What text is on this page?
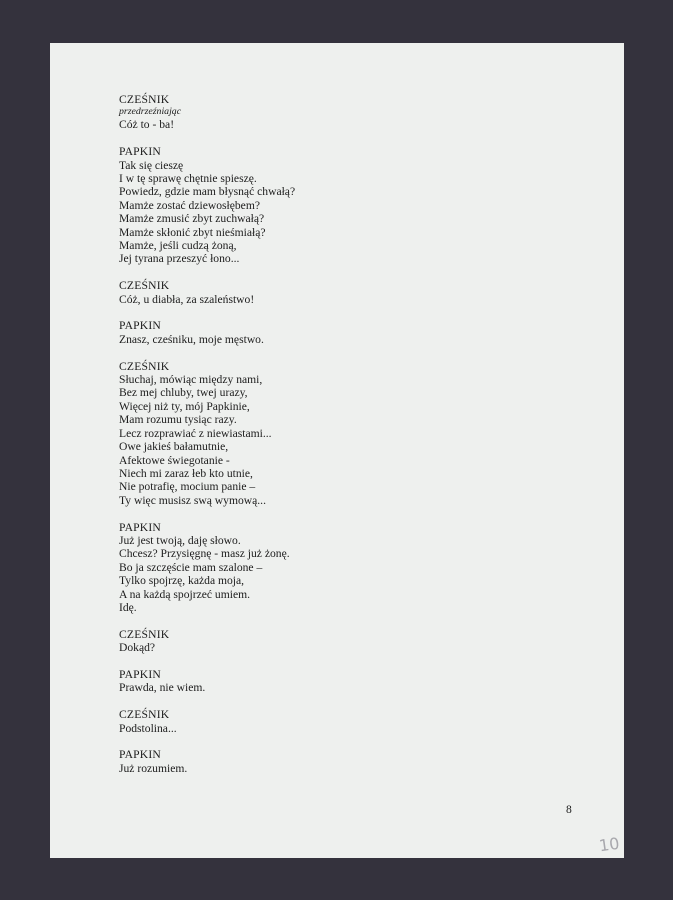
CZEŚNIK
przedrzeźniając
Cóż to - ba!
PAPKIN
Tak się cieszę
I w tę sprawę chętnie spieszę.
Powiedz, gdzie mam błysnąć chwałą?
Mamże zostać dziewosłębem?
Mamże zmusić zbyt zuchwałą?
Mamże skłonić zbyt nieśmiałą?
Mamże, jeśli cudzą żoną,
Jej tyrana przeszyć łono...
CZEŚNIK
Cóż, u diabła, za szaleństwo!
PAPKIN
Znasz, cześniku, moje męstwo.
CZEŚNIK
Słuchaj, mówiąc między nami,
Bez mej chluby, twej urazy,
Więcej niż ty, mój Papkinie,
Mam rozumu tysiąc razy.
Lecz rozprawiać z niewiastami...
Owe jakieś bałamutnie,
Afektowe świegotanie -
Niech mi zaraz łeb kto utnie,
Nie potrafię, mocium panie –
Ty więc musisz swą wymową...
PAPKIN
Już jest twoją, daję słowo.
Chcesz? Przysięgnę - masz już żonę.
Bo ja szczęście mam szalone –
Tylko spojrzę, każda moja,
A na każdą spojrzeć umiem.
Idę.
CZEŚNIK
Dokąd?
PAPKIN
Prawda, nie wiem.
CZEŚNIK
Podstolina...
PAPKIN
Już rozumiem.
8
10
